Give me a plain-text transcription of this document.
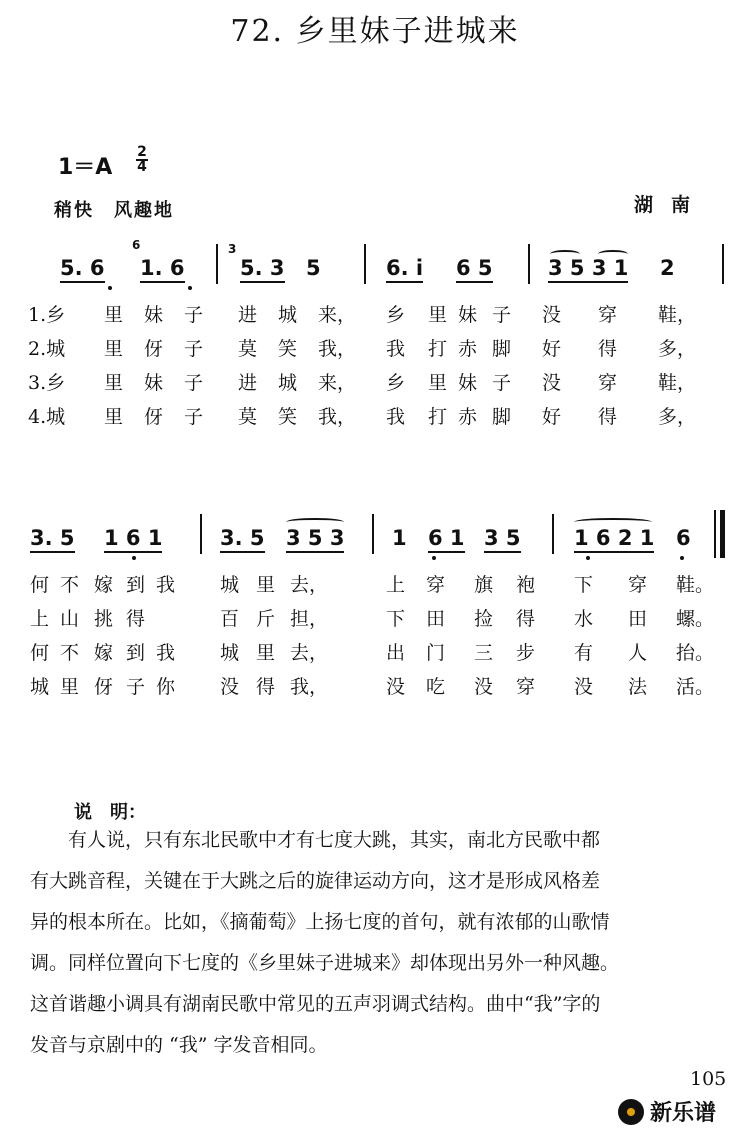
72. 乡里妹子进城来
1＝A
2
4
稍快　风趣地	湖南
6	3
5. 6 1. 6	5. 3 5	6. i 6 5	3 5 3 1 2
1.乡 里 妹 子 进 城 来， 乡 里 妹 子 没 穿 鞋，
2.城 里 伢 子 莫 笑 我， 我 打 赤 脚 好 得 多，
3.乡 里 妹 子 进 城 来， 乡 里 妹 子 没 穿 鞋，
4.城 里 伢 子 莫 笑 我， 我 打 赤 脚 好 得 多，
3. 5 1 6 1	3. 5 3 5 3 1 6 1 3 5	1 6 2 1 6
何 不 嫁 到 我 城 里 去，	上 穿 旗 袍 下 穿 鞋。
上 山 挑 得	百 斤 担，	下 田 捡 得 水 田 螺。
何 不 嫁 到 我 城 里 去，	出 门 三 步 有 人 抬。
城 里 伢 子 你 没 得 我，	没 吃 没 穿 没 法 活。
说　明：

　　有人说，只有东北民歌中才有七度大跳，其实，南北方民歌中都

有大跳音程，关键在于大跳之后的旋律运动方向，这才是形成风格差

异的根本所在。比如，《摘葡萄》上扬七度的首句，就有浓郁的山歌情

调。同样位置向下七度的《乡里妹子进城来》却体现出另外一种风趣。

这首谐趣小调具有湖南民歌中常见的五声羽调式结构。曲中“我”字的

发音与京剧中的 “我” 字发音相同。

105
新乐谱
